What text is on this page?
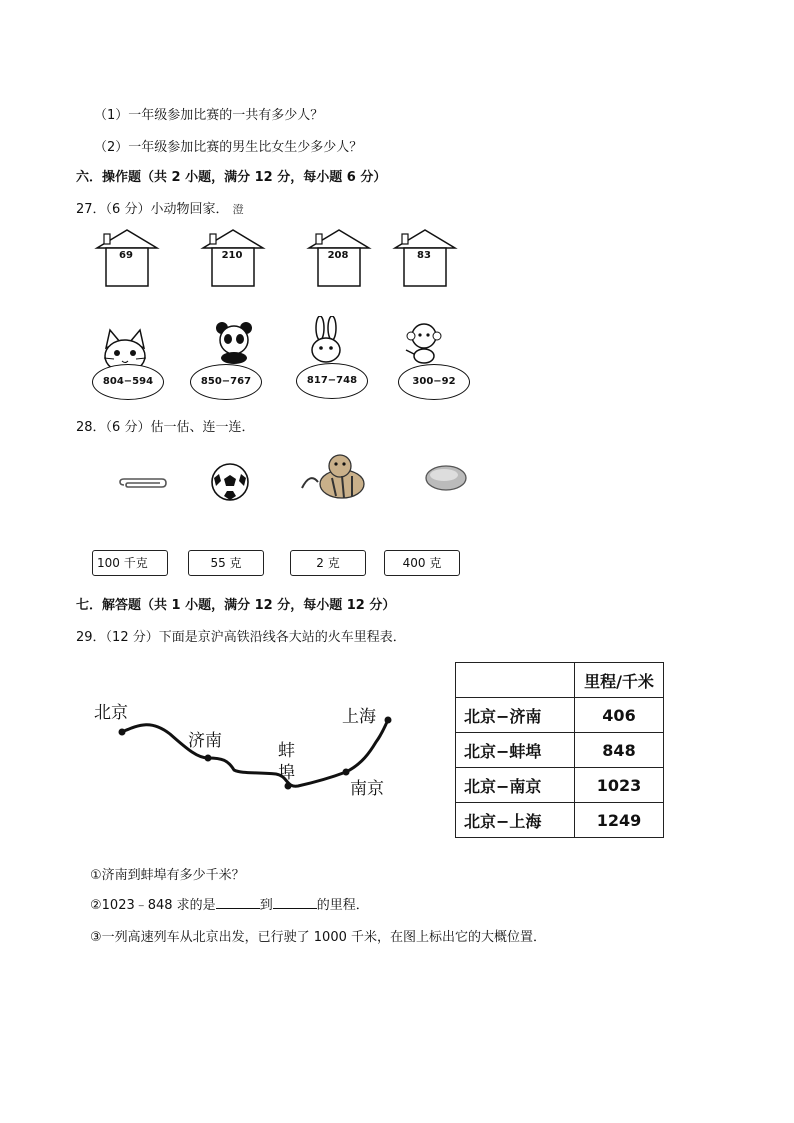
（1）一年级参加比赛的一共有多少人？
（2）一年级参加比赛的男生比女生少多少人？
六．操作题（共 2 小题，满分 12 分，每小题 6 分）
27．（6 分）小动物回家． 澄
69	210	208	83
804−594	850−767	817−748	300−92
28．（6 分）估一估、连一连．
100 千克	55 克	2 克	400 克
七．解答题（共 1 小题，满分 12 分，每小题 12 分）
29．（12 分）下面是京沪高铁沿线各大站的火车里程表．
北京
济南	蚌
埠
上海
南京
	里程/千米
北京−济南	406
北京−蚌埠	848
北京−南京	1023
北京−上海	1249
①济南到蚌埠有多少千米？
②1023﹣848 求的是	到	的里程．
③一列高速列车从北京出发，已行驶了 1000 千米，在图上标出它的大概位置．
